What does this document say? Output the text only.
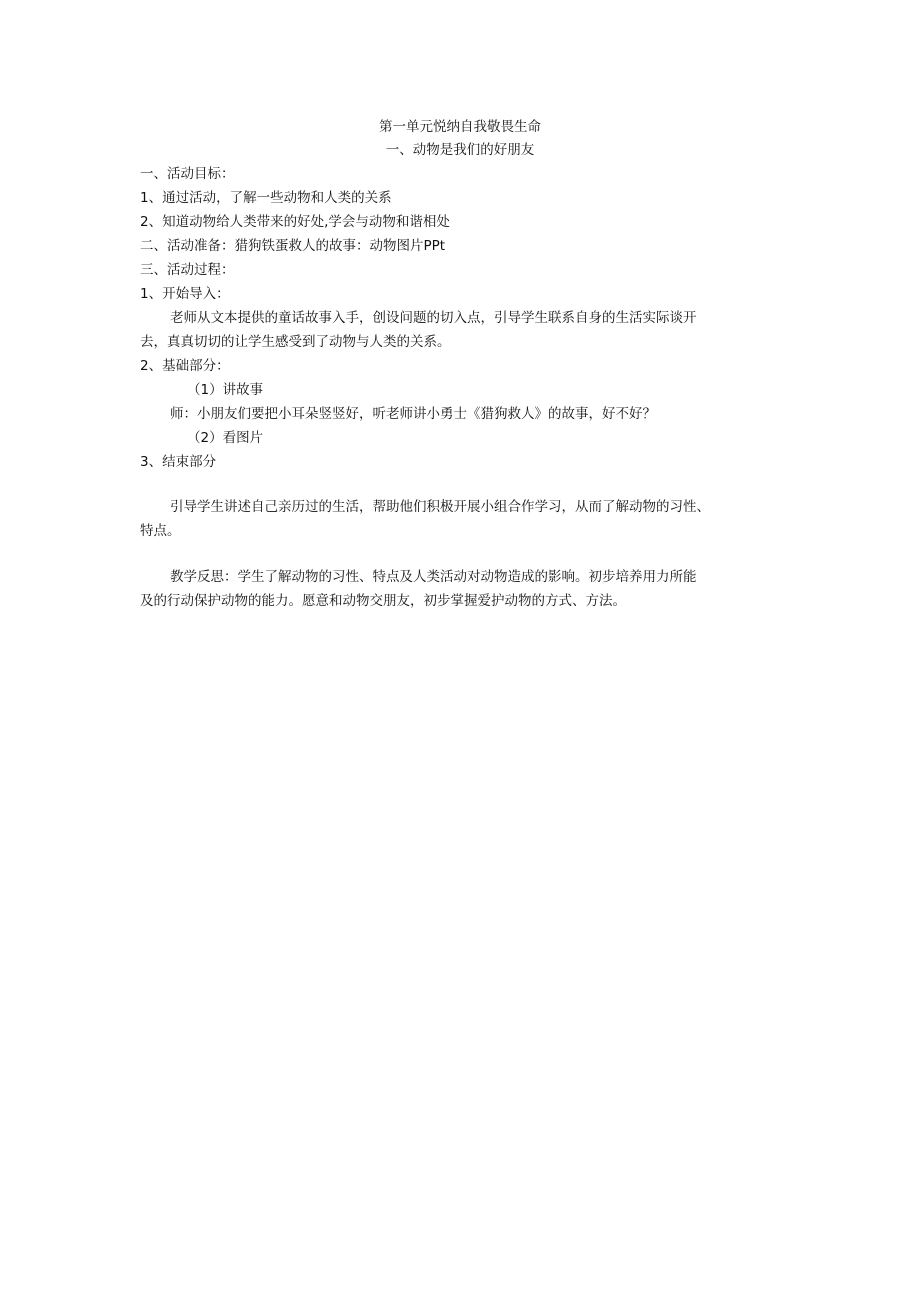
第一单元悦纳自我敬畏生命
一、动物是我们的好朋友
一、活动目标：
1、通过活动，了解一些动物和人类的关系
2、知道动物给人类带来的好处,学会与动物和谐相处
二、活动准备：猎狗铁蛋救人的故事：动物图片PPt
三、活动过程：
1、开始导入：
老师从文本提供的童话故事入手，创设问题的切入点，引导学生联系自身的生活实际谈开
去，真真切切的让学生感受到了动物与人类的关系。
2、基础部分：
（1）讲故事
师：小朋友们要把小耳朵竖竖好，听老师讲小勇士《猎狗救人》的故事，好不好？
（2）看图片
3、结束部分
引导学生讲述自己亲历过的生活，帮助他们积极开展小组合作学习，从而了解动物的习性、
特点。
教学反思：学生了解动物的习性、特点及人类活动对动物造成的影响。初步培养用力所能
及的行动保护动物的能力。愿意和动物交朋友，初步掌握爱护动物的方式、方法。
